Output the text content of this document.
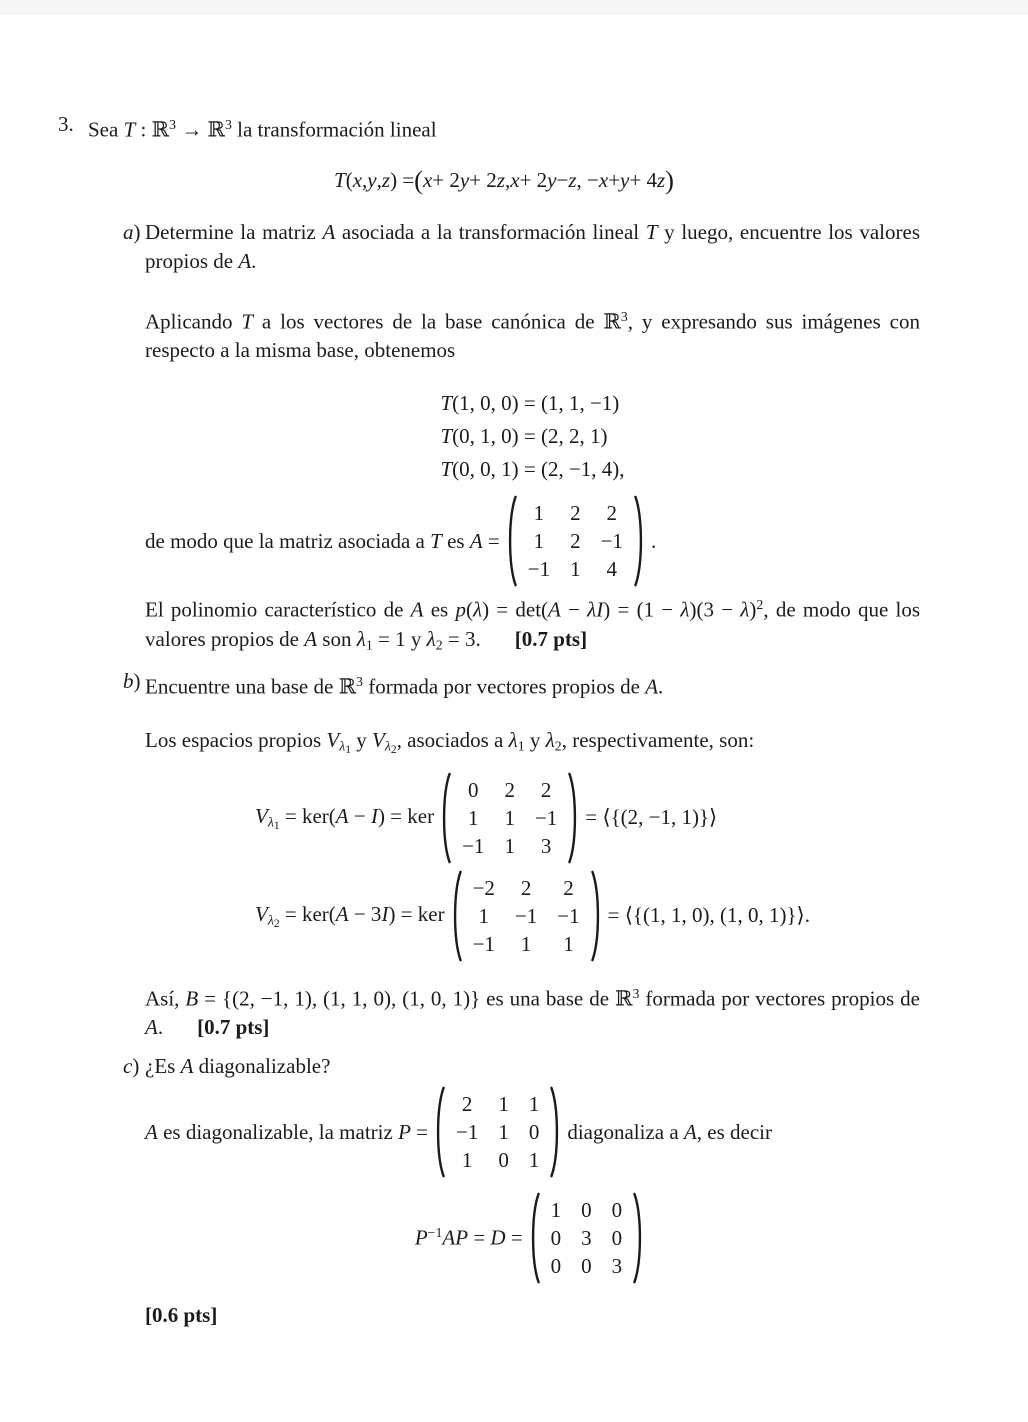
3. Sea T : ℝ$^3$ → ℝ$^3$ la transformación lineal

T ( x , y , z ) = ( x + 2 y + 2 z , x + 2 y − z , − x + y + 4 z )
a) Determine la matriz A asociada a la transformación lineal T y luego, encuentre los valores propios de A.

Aplicando T a los vectores de la base canónica de ℝ$^3$, y expresando sus imágenes con respecto a la misma base, obtenemos

T(1, 0, 0) = (1, 1, −1)
T(0, 1, 0) = (2, 2, 1)
T(0, 0, 1) = (2, −1, 4),
de modo que la matriz asociada a T es A =
1 2 2
1 2 −1
−1 1 4
.

El polinomio característico de A es $p(\lambda) = \det(A - \lambda I) = (1 - \lambda)(3 - \lambda)^2$, de modo que los valores propios de A son λ1 = 1 y λ2 = 3. [0.7 pts]

b) Encuentre una base de ℝ$^3$ formada por vectores propios de A.

Los espacios propios $V\lambda_1$ y $V\lambda_2$, asociados a λ1 y λ2, respectivamente, son:

$V\lambda_1 = ker(A - I)$ = ker
0 2 2
1 1 −1
−1 1 3
= ⟨{(2, −1, 1)}⟩
$V\lambda_2 = ker(A - 3I)$ = ker
−2 2 2
1 −1 −1
−1 1 1
= ⟨{(1, 1, 0), (1, 0, 1)}⟩.

Así, B = {(2, −1, 1), (1, 1, 0), (1, 0, 1)} es una base de ℝ$^3$ formada por vectores propios de A. [0.7 pts]

c) ¿Es A diagonalizable?

A es diagonalizable, la matriz P =
2 1 1
−1 1 0
1 0 1
diagonaliza a A, es decir
$P^{-1}AP = D$ =
1 0 0
0 3 0
0 0 3

[0.6 pts]
